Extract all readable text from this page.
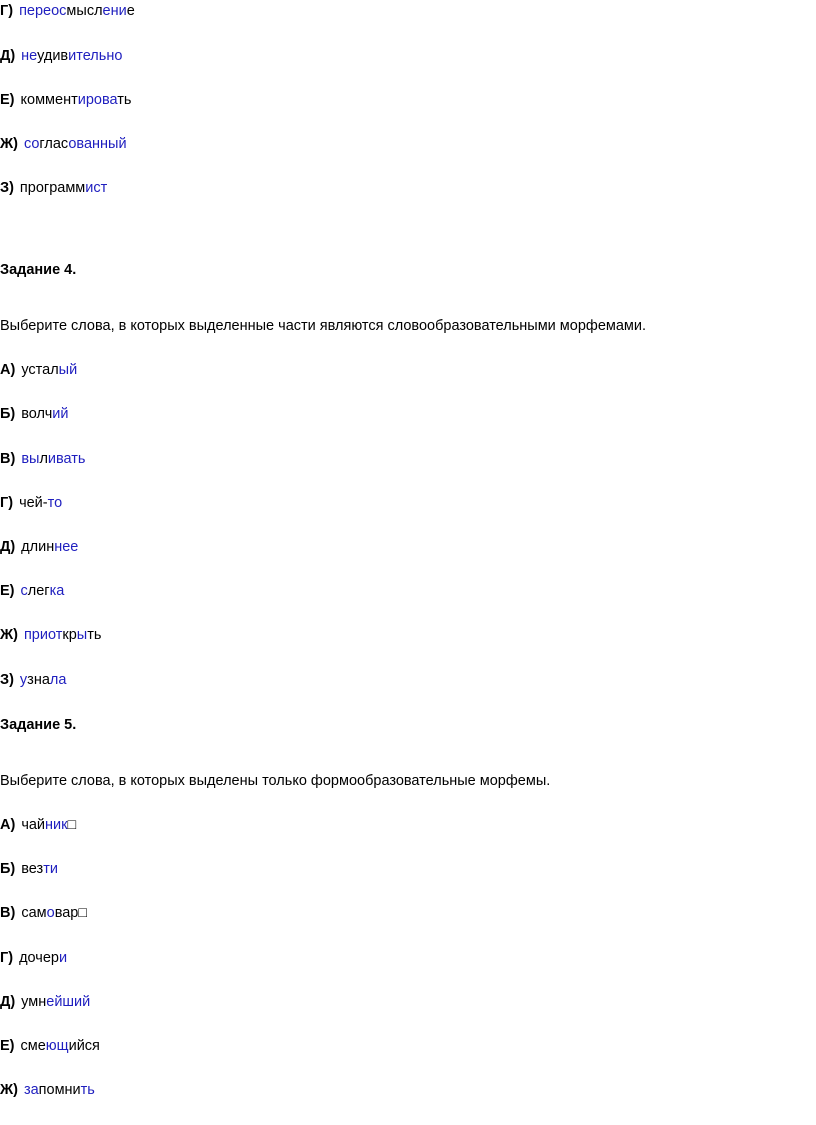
Г) переосмысление
Д) неудивительно
Е) комментировать
Ж) согласованный
З) программист
Задание 4.
Выберите слова, в которых выделенные части являются словообразовательными морфемами.
А) усталый
Б) волчий
В) выливать
Г) чей-то
Д) длиннее
Е) слегка
Ж) приоткрыть
З) узнала
Задание 5.
Выберите слова, в которых выделены только формообразовательные морфемы.
А) чайник□
Б) везти
В) самовар□
Г) дочери
Д) умнейший
Е) смеющийся
Ж) запомнить
